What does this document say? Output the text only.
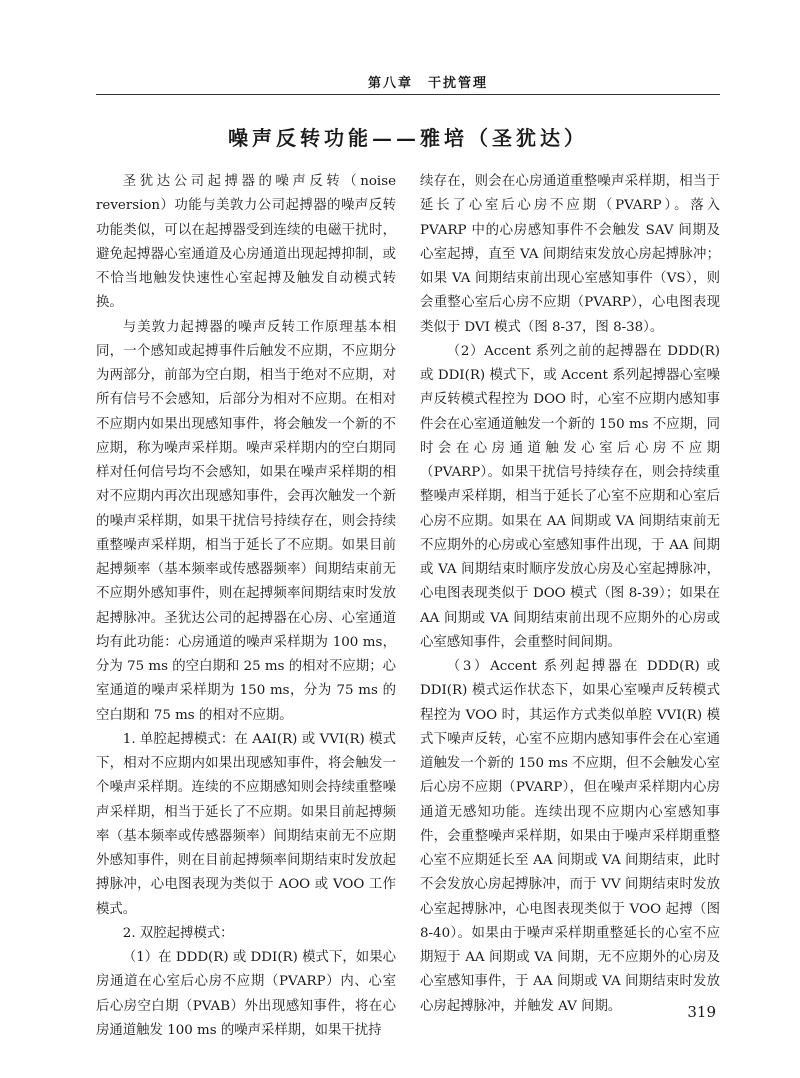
第八章　干扰管理
噪声反转功能——雅培（圣犹达）

圣犹达公司起搏器的噪声反转（noise reversion）功能与美敦力公司起搏器的噪声反转功能类似，可以在起搏器受到连续的电磁干扰时，避免起搏器心室通道及心房通道出现起搏抑制，或不恰当地触发快速性心室起搏及触发自动模式转换。

与美敦力起搏器的噪声反转工作原理基本相同，一个感知或起搏事件后触发不应期，不应期分为两部分，前部为空白期，相当于绝对不应期，对所有信号不会感知，后部分为相对不应期。在相对不应期内如果出现感知事件，将会触发一个新的不应期，称为噪声采样期。噪声采样期内的空白期同样对任何信号均不会感知，如果在噪声采样期的相对不应期内再次出现感知事件，会再次触发一个新的噪声采样期，如果干扰信号持续存在，则会持续重整噪声采样期，相当于延长了不应期。如果目前起搏频率（基本频率或传感器频率）间期结束前无不应期外感知事件，则在起搏频率间期结束时发放起搏脉冲。圣犹达公司的起搏器在心房、心室通道均有此功能：心房通道的噪声采样期为 100 ms，分为 75 ms 的空白期和 25 ms 的相对不应期；心室通道的噪声采样期为 150 ms，分为 75 ms 的空白期和 75 ms 的相对不应期。

1. 单腔起搏模式：在 AAI(R) 或 VVI(R) 模式下，相对不应期内如果出现感知事件，将会触发一个噪声采样期。连续的不应期感知则会持续重整噪声采样期，相当于延长了不应期。如果目前起搏频率（基本频率或传感器频率）间期结束前无不应期外感知事件，则在目前起搏频率间期结束时发放起搏脉冲，心电图表现为类似于 AOO 或 VOO 工作模式。

2. 双腔起搏模式：

（1）在 DDD(R) 或 DDI(R) 模式下，如果心房通道在心室后心房不应期（PVARP）内、心室后心房空白期（PVAB）外出现感知事件，将在心房通道触发 100 ms 的噪声采样期，如果干扰持

续存在，则会在心房通道重整噪声采样期，相当于延长了心室后心房不应期（PVARP）。落入 PVARP 中的心房感知事件不会触发 SAV 间期及心室起搏，直至 VA 间期结束发放心房起搏脉冲；如果 VA 间期结束前出现心室感知事件（VS），则会重整心室后心房不应期（PVARP），心电图表现类似于 DVI 模式（图 8-37，图 8-38）。

（2）Accent 系列之前的起搏器在 DDD(R) 或 DDI(R) 模式下，或 Accent 系列起搏器心室噪声反转模式程控为 DOO 时，心室不应期内感知事件会在心室通道触发一个新的 150 ms 不应期，同时会在心房通道触发心室后心房不应期（PVARP）。如果干扰信号持续存在，则会持续重整噪声采样期，相当于延长了心室不应期和心室后心房不应期。如果在 AA 间期或 VA 间期结束前无不应期外的心房或心室感知事件出现，于 AA 间期或 VA 间期结束时顺序发放心房及心室起搏脉冲，心电图表现类似于 DOO 模式（图 8-39）；如果在 AA 间期或 VA 间期结束前出现不应期外的心房或心室感知事件，会重整时间间期。

（3）Accent 系列起搏器在 DDD(R) 或 DDI(R) 模式运作状态下，如果心室噪声反转模式程控为 VOO 时，其运作方式类似单腔 VVI(R) 模式下噪声反转，心室不应期内感知事件会在心室通道触发一个新的 150 ms 不应期，但不会触发心室后心房不应期（PVARP），但在噪声采样期内心房通道无感知功能。连续出现不应期内心室感知事件，会重整噪声采样期，如果由于噪声采样期重整心室不应期延长至 AA 间期或 VA 间期结束，此时不会发放心房起搏脉冲，而于 VV 间期结束时发放心室起搏脉冲，心电图表现类似于 VOO 起搏（图 8-40）。如果由于噪声采样期重整延长的心室不应期短于 AA 间期或 VA 间期，无不应期外的心房及心室感知事件，于 AA 间期或 VA 间期结束时发放心房起搏脉冲，并触发 AV 间期。	319
